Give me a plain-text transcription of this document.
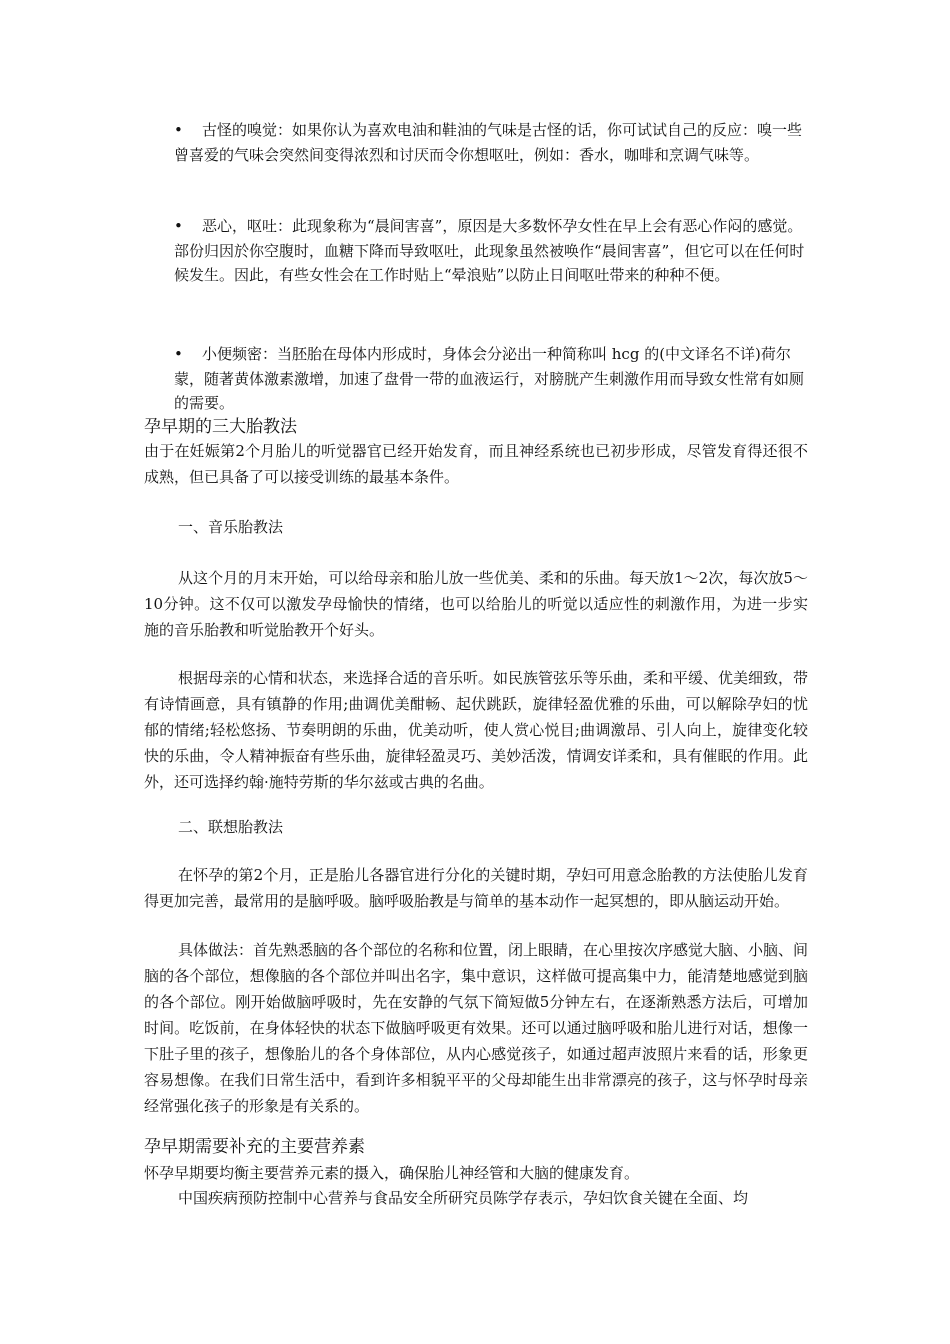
•	古怪的嗅觉：如果你认为喜欢电油和鞋油的气味是古怪的话，你可试试自己的反应：嗅一些曾喜爱的气味会突然间变得浓烈和讨厌而令你想呕吐，例如：香水，咖啡和烹调气味等。
•	恶心，呕吐：此现象称为“晨间害喜”，原因是大多数怀孕女性在早上会有恶心作闷的感觉。部份归因於你空腹时，血糖下降而导致呕吐，此现象虽然被唤作“晨间害喜”，但它可以在任何时候发生。因此，有些女性会在工作时贴上“晕浪贴”以防止日间呕吐带来的种种不便。
•	小便频密：当胚胎在母体内形成时，身体会分泌出一种简称叫 hcg 的(中文译名不详)荷尔蒙，随著黄体激素激增，加速了盘骨一带的血液运行，对膀胱产生刺激作用而导致女性常有如厕的需要。
孕早期的三大胎教法
由于在妊娠第2个月胎儿的听觉器官已经开始发育，而且神经系统也已初步形成，尽管发育得还很不成熟，但已具备了可以接受训练的最基本条件。
一、音乐胎教法
从这个月的月末开始，可以给母亲和胎儿放一些优美、柔和的乐曲。每天放1～2次，每次放5～10分钟。这不仅可以激发孕母愉快的情绪，也可以给胎儿的听觉以适应性的刺激作用，为进一步实施的音乐胎教和听觉胎教开个好头。
根据母亲的心情和状态，来选择合适的音乐听。如民族管弦乐等乐曲，柔和平缓、优美细致，带有诗情画意，具有镇静的作用;曲调优美酣畅、起伏跳跃，旋律轻盈优雅的乐曲，可以解除孕妇的忧郁的情绪;轻松悠扬、节奏明朗的乐曲，优美动听，使人赏心悦目;曲调激昂、引人向上，旋律变化较快的乐曲，令人精神振奋有些乐曲，旋律轻盈灵巧、美妙活泼，情调安详柔和，具有催眠的作用。此外，还可选择约翰·施特劳斯的华尔兹或古典的名曲。
二、联想胎教法
在怀孕的第2个月，正是胎儿各器官进行分化的关键时期，孕妇可用意念胎教的方法使胎儿发育得更加完善，最常用的是脑呼吸。脑呼吸胎教是与简单的基本动作一起冥想的，即从脑运动开始。
具体做法：首先熟悉脑的各个部位的名称和位置，闭上眼睛，在心里按次序感觉大脑、小脑、间脑的各个部位，想像脑的各个部位并叫出名字，集中意识，这样做可提高集中力，能清楚地感觉到脑的各个部位。刚开始做脑呼吸时，先在安静的气氛下简短做5分钟左右，在逐渐熟悉方法后，可增加时间。吃饭前，在身体轻快的状态下做脑呼吸更有效果。还可以通过脑呼吸和胎儿进行对话，想像一下肚子里的孩子，想像胎儿的各个身体部位，从内心感觉孩子，如通过超声波照片来看的话，形象更容易想像。在我们日常生活中，看到许多相貌平平的父母却能生出非常漂亮的孩子，这与怀孕时母亲经常强化孩子的形象是有关系的。
孕早期需要补充的主要营养素
怀孕早期要均衡主要营养元素的摄入，确保胎儿神经管和大脑的健康发育。
中国疾病预防控制中心营养与食品安全所研究员陈学存表示，孕妇饮食关键在全面、均
